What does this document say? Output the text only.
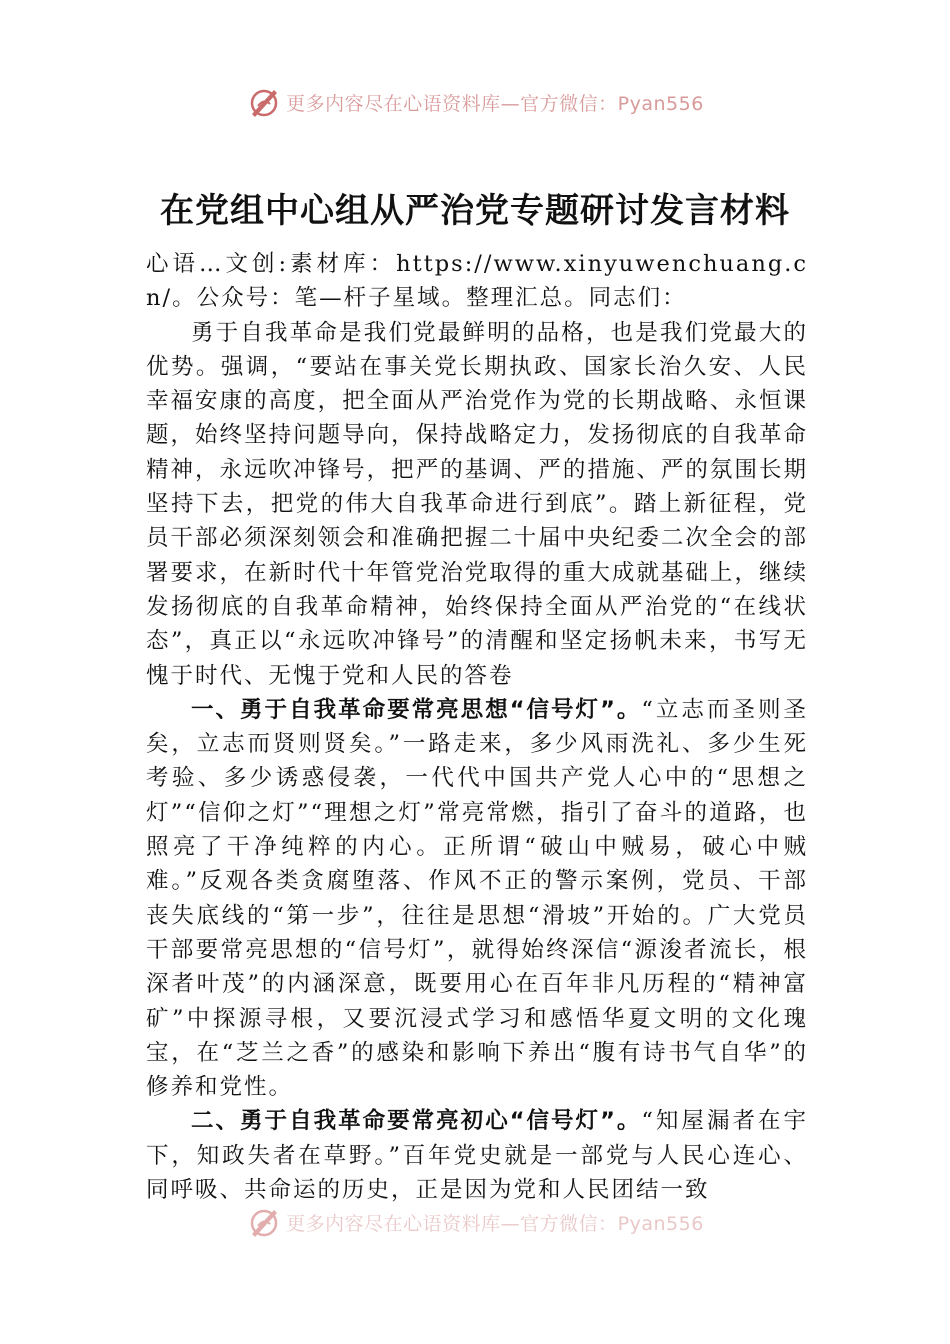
更多内容尽在心语资料库—官方微信：Pyan556
在党组中心组从严治党专题研讨发言材料

心语…文创:素材库：https://www.xinyuwenchuang.cn/。公众号：笔—杆子星域。整理汇总。同志们：

勇于自我革命是我们党最鲜明的品格，也是我们党最大的优势。强调，“要站在事关党长期执政、国家长治久安、人民幸福安康的高度，把全面从严治党作为党的长期战略、永恒课题，始终坚持问题导向，保持战略定力，发扬彻底的自我革命精神，永远吹冲锋号，把严的基调、严的措施、严的氛围长期坚持下去，把党的伟大自我革命进行到底”。踏上新征程，党员干部必须深刻领会和准确把握二十届中央纪委二次全会的部署要求，在新时代十年管党治党取得的重大成就基础上，继续发扬彻底的自我革命精神，始终保持全面从严治党的“在线状态”，真正以“永远吹冲锋号”的清醒和坚定扬帆未来，书写无愧于时代、无愧于党和人民的答卷

一、勇于自我革命要常亮思想“信号灯”。“立志而圣则圣矣，立志而贤则贤矣。”一路走来，多少风雨洗礼、多少生死考验、多少诱惑侵袭，一代代中国共产党人心中的“思想之灯”“信仰之灯”“理想之灯”常亮常燃，指引了奋斗的道路，也照亮了干净纯粹的内心。正所谓“破山中贼易，破心中贼难。”反观各类贪腐堕落、作风不正的警示案例，党员、干部丧失底线的“第一步”，往往是思想“滑坡”开始的。广大党员干部要常亮思想的“信号灯”，就得始终深信“源浚者流长，根深者叶茂”的内涵深意，既要用心在百年非凡历程的“精神富矿”中探源寻根，又要沉浸式学习和感悟华夏文明的文化瑰宝，在“芝兰之香”的感染和影响下养出“腹有诗书气自华”的修养和党性。

二、勇于自我革命要常亮初心“信号灯”。“知屋漏者在宇下，知政失者在草野。”百年党史就是一部党与人民心连心、同呼吸、共命运的历史，正是因为党和人民团结一致

更多内容尽在心语资料库—官方微信：Pyan556
